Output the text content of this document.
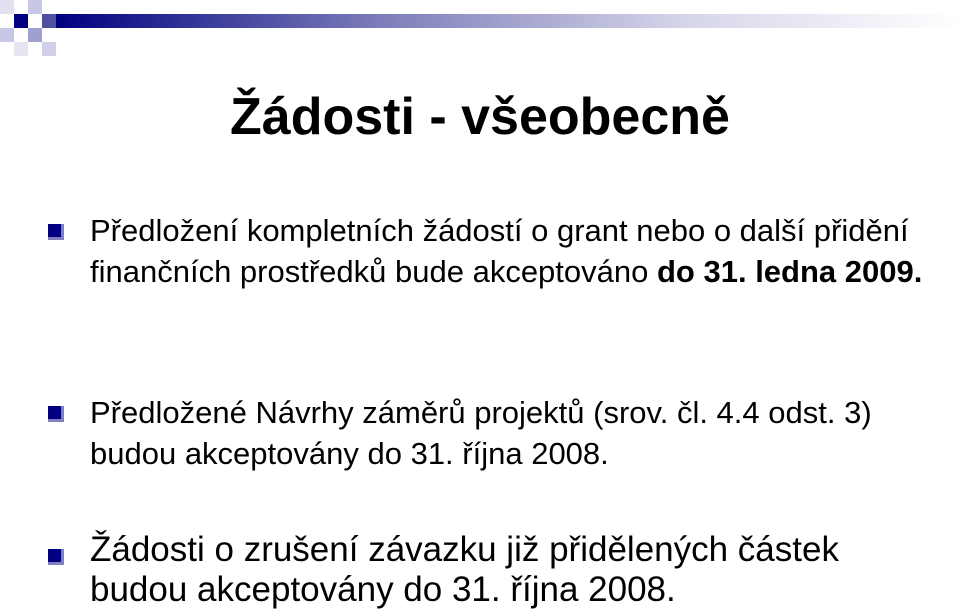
Žádosti - všeobecně

Předložení kompletních žádostí o grant nebo o další přidění finančních prostředků bude akceptováno do 31. ledna 2009.

Předložené Návrhy záměrů projektů (srov. čl. 4.4 odst. 3) budou akceptovány do 31. října 2008.

Žádosti o zrušení závazku již přidělených částek budou akceptovány do 31. října 2008.
